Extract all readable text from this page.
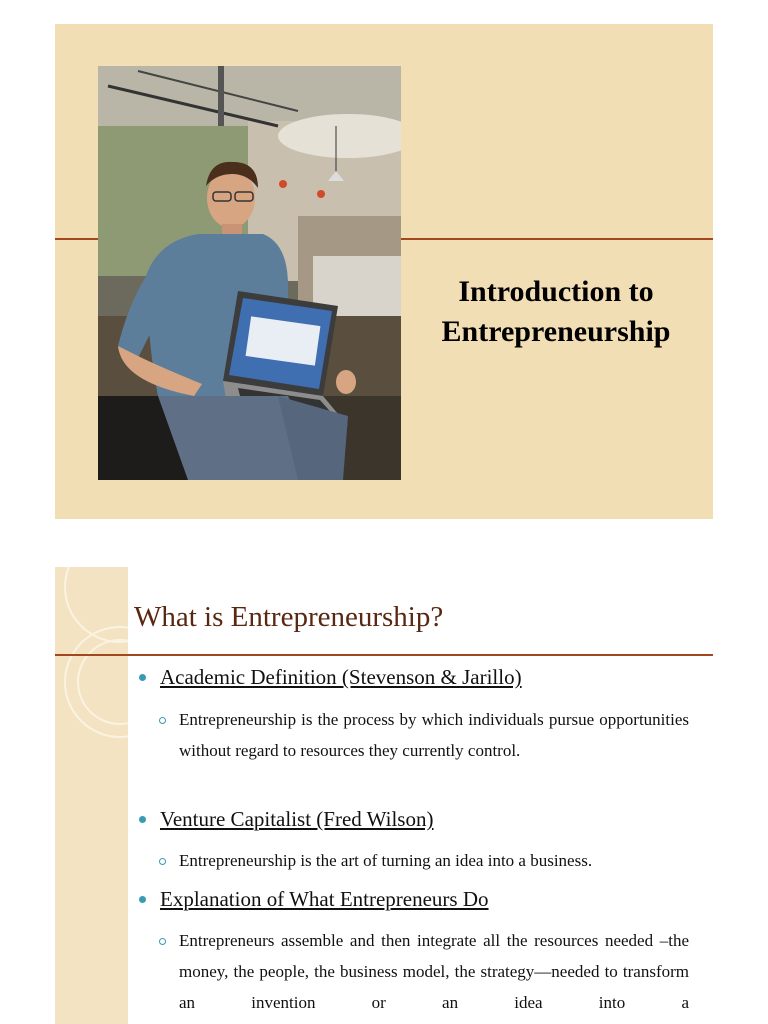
Introduction to
Entrepreneurship
What is Entrepreneurship?
Academic Definition (Stevenson & Jarillo)
Entrepreneurship is the process by which individuals pursue opportunities without regard to resources they currently control.
Venture Capitalist (Fred Wilson)
Entrepreneurship is the art of turning an idea into a business.
Explanation of What Entrepreneurs Do
Entrepreneurs assemble and then integrate all the resources needed –the money, the people, the business model, the strategy—needed to transform an invention or an idea into a
